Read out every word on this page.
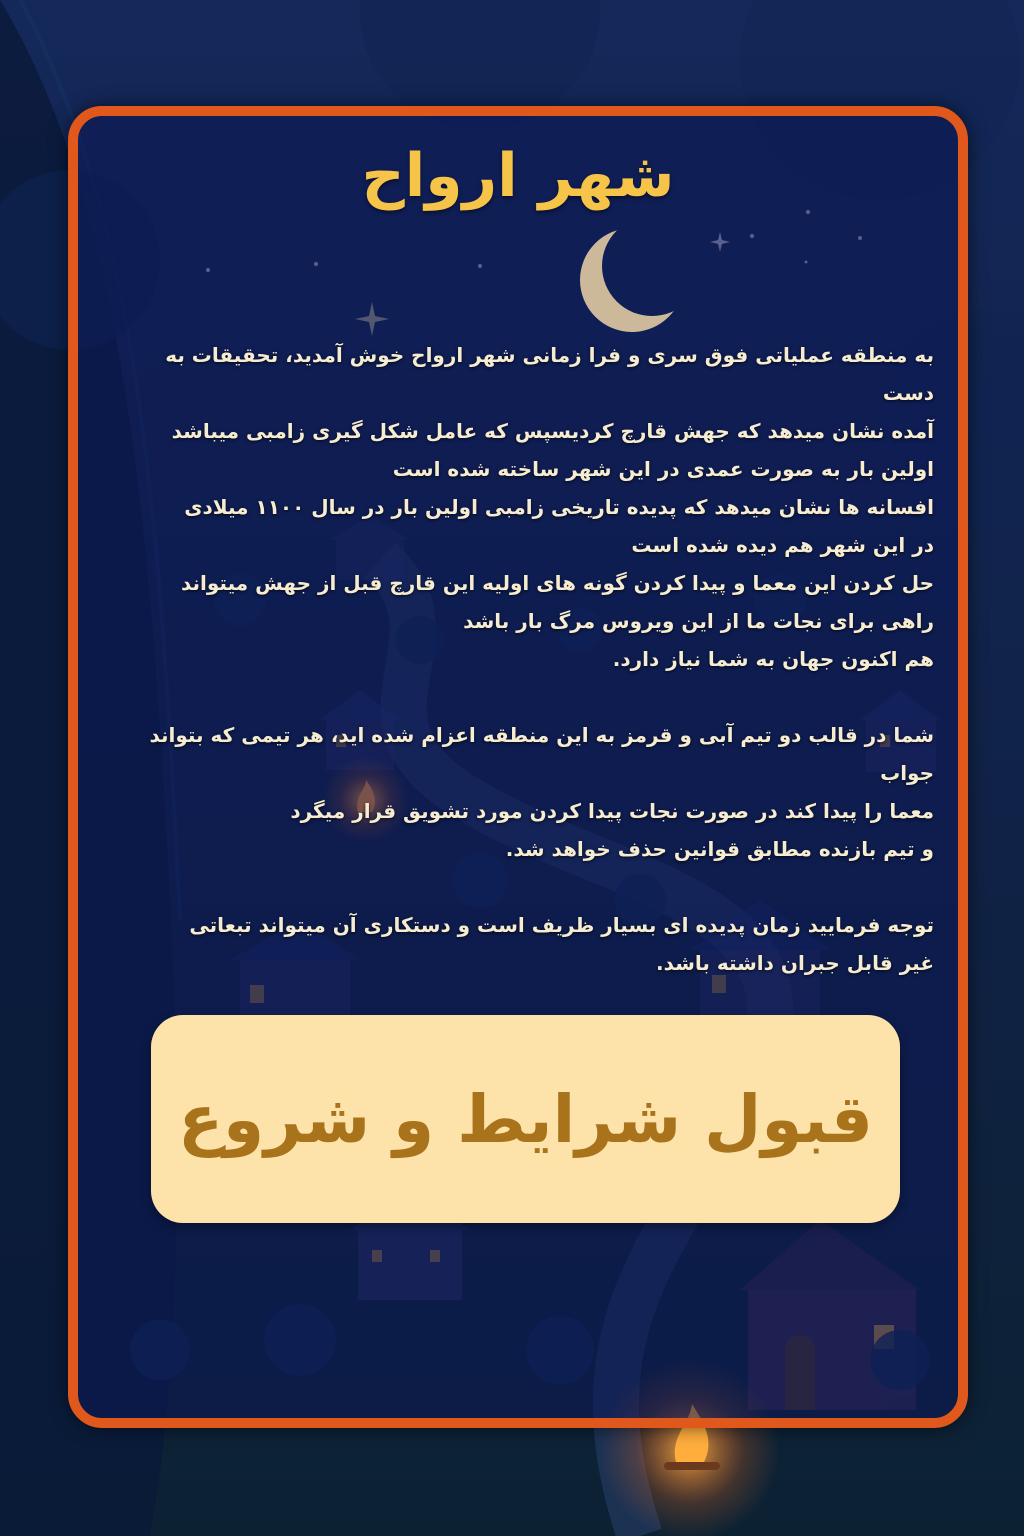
شهر ارواح

به منطقه عملیاتی فوق سری و فرا زمانی شهر ارواح خوش آمدید، تحقیقات به دست
آمده نشان میدهد که جهش قارچ کردیسپس که عامل شکل گیری زامبی میباشد
اولین بار به صورت عمدی در این شهر ساخته شده است
افسانه ها نشان میدهد که پدیده تاریخی زامبی اولین بار در سال ۱۱۰۰ میلادی
در این شهر هم دیده شده است
حل کردن این معما و پیدا کردن گونه های اولیه این قارچ قبل از جهش میتواند
راهی برای نجات ما از این ویروس مرگ بار باشد
هم اکنون جهان به شما نیاز دارد.

شما در قالب دو تیم آبی و قرمز به این منطقه اعزام شده اید، هر تیمی که بتواند جواب
معما را پیدا کند در صورت نجات پیدا کردن مورد تشویق قرار میگرد
و تیم بازنده مطابق قوانین حذف خواهد شد.

توجه فرمایید زمان پدیده ای بسیار ظریف است و دستکاری آن میتواند تبعاتی
غیر قابل جبران داشته باشد.

قبول شرایط و شروع
